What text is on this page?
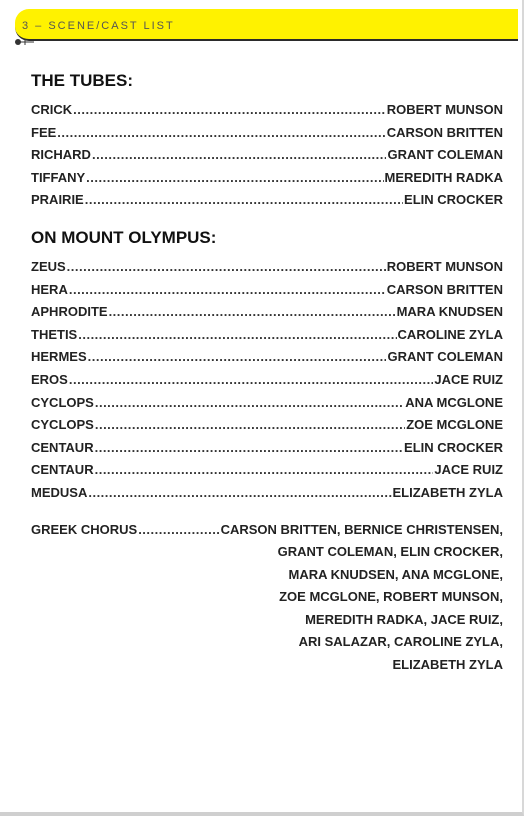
3 – SCENE/CAST LIST
THE TUBES:
CRICK .....	ROBERT MUNSON
FEE .....	CARSON BRITTEN
RICHARD .....	GRANT COLEMAN
TIFFANY .....	MEREDITH RADKA
PRAIRIE .....	ELIN CROCKER
ON MOUNT OLYMPUS:
ZEUS .....	ROBERT MUNSON
HERA .....	CARSON BRITTEN
APHRODITE .....	MARA KNUDSEN
THETIS .....	CAROLINE ZYLA
HERMES .....	GRANT COLEMAN
EROS .....	JACE RUIZ
CYCLOPS .....	ANA MCGLONE
CYCLOPS .....	ZOE MCGLONE
CENTAUR .....	ELIN CROCKER
CENTAUR .....	JACE RUIZ
MEDUSA .....	ELIZABETH ZYLA
GREEK CHORUS .....	CARSON BRITTEN, BERNICE CHRISTENSEN,
GRANT COLEMAN, ELIN CROCKER,
MARA KNUDSEN, ANA MCGLONE,
ZOE MCGLONE, ROBERT MUNSON,
MEREDITH RADKA, JACE RUIZ,
ARI SALAZAR, CAROLINE ZYLA,
ELIZABETH ZYLA
